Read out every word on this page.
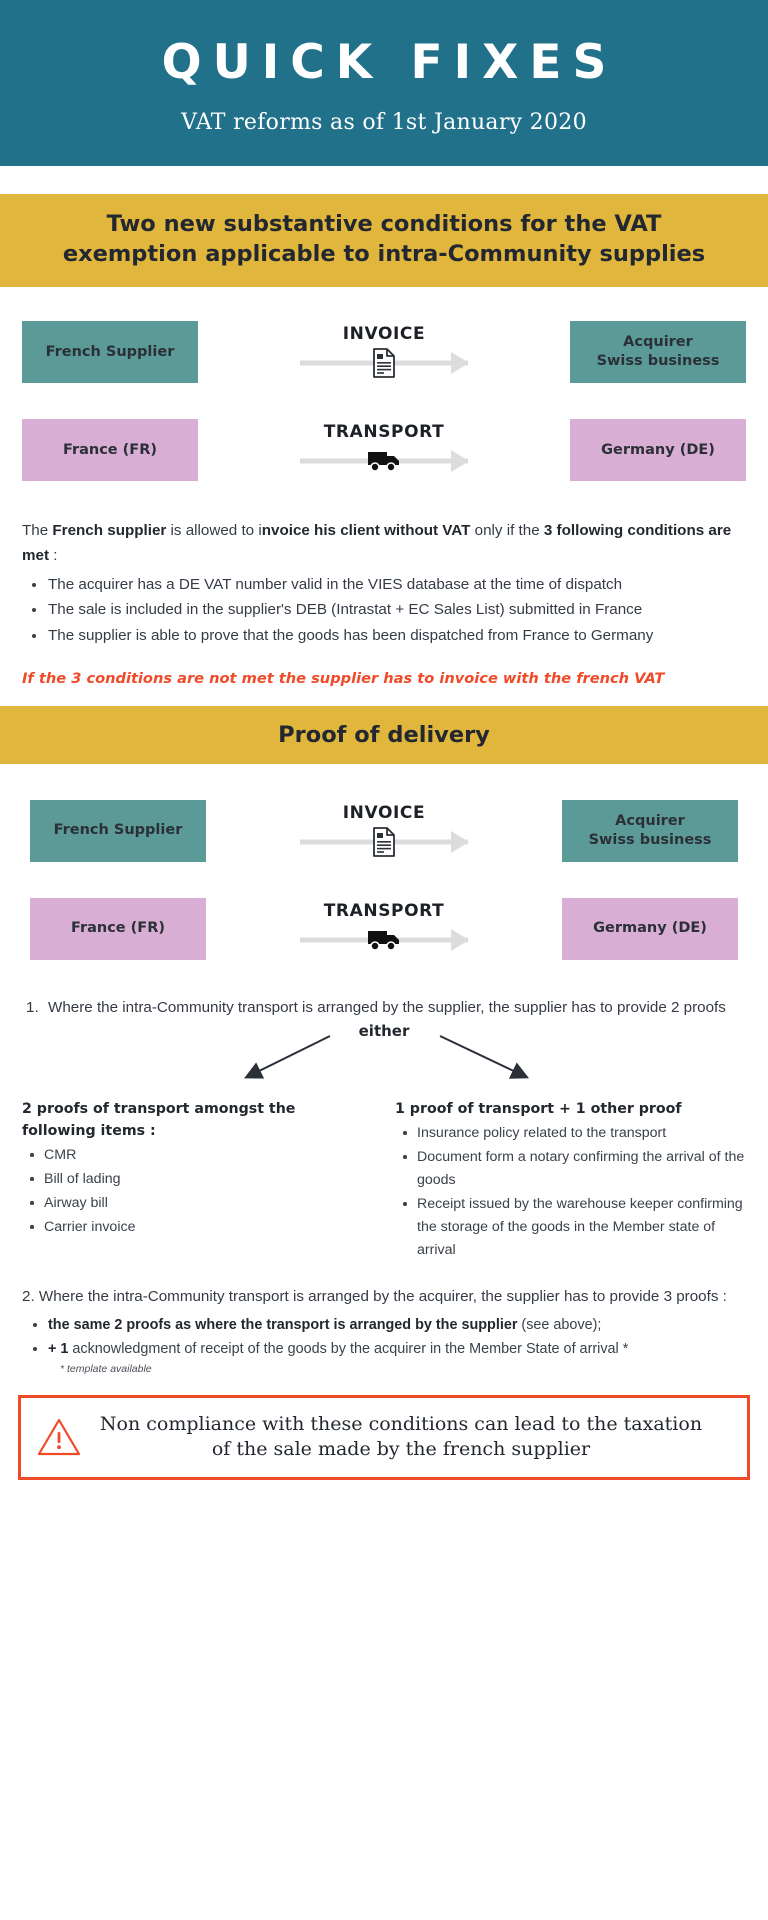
QUICK FIXES
VAT reforms as of 1st January 2020
Two new substantive conditions for the VAT exemption applicable to intra-Community supplies
French Supplier
INVOICE	Acquirer
Swiss business
France (FR)
TRANSPORT
Germany (DE)

The French supplier is allowed to invoice his client without VAT only if the 3 following conditions are met :

The acquirer has a DE VAT number valid in the VIES database at the time of dispatch
The sale is included in the supplier's DEB (Intrastat + EC Sales List) submitted in France
The supplier is able to prove that the goods has been dispatched from France to Germany
If the 3 conditions are not met the supplier has to invoice with the french VAT
Proof of delivery
French Supplier
INVOICE	Acquirer
Swiss business
France (FR)
TRANSPORT
Germany (DE)
1. Where the intra-Community transport is arranged by the supplier, the supplier has to provide 2 proofs
either
2 proofs of transport amongst the following items :
CMR
Bill of lading
Airway bill
Carrier invoice
1 proof of transport + 1 other proof
Insurance policy related to the transport
Document form a notary confirming the arrival of the goods
Receipt issued by the warehouse keeper confirming the storage of the goods in the Member state of arrival
2. Where the intra-Community transport is arranged by the acquirer, the supplier has to provide 3 proofs :
the same 2 proofs as where the transport is arranged by the supplier (see above);
+ 1 acknowledgment of receipt of the goods by the acquirer in the Member State of arrival *
* template available
Non compliance with these conditions can lead to the taxation
of the sale made by the french supplier
